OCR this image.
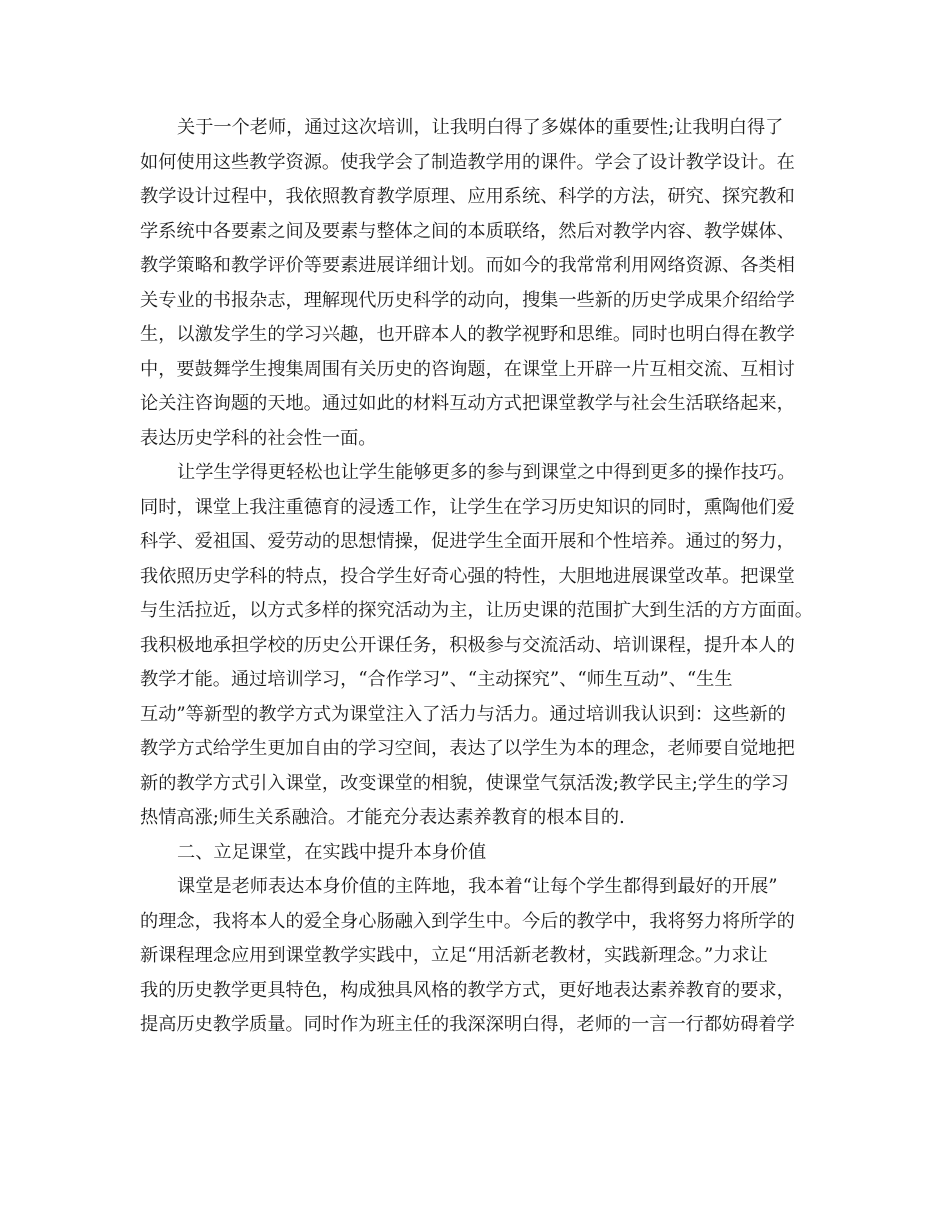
关于一个老师，通过这次培训，让我明白得了多媒体的重要性;让我明白得了
如何使用这些教学资源。使我学会了制造教学用的课件。学会了设计教学设计。在
教学设计过程中，我依照教育教学原理、应用系统、科学的方法，研究、探究教和
学系统中各要素之间及要素与整体之间的本质联络，然后对教学内容、教学媒体、
教学策略和教学评价等要素进展详细计划。而如今的我常常利用网络资源、各类相
关专业的书报杂志，理解现代历史科学的动向，搜集一些新的历史学成果介绍给学
生，以激发学生的学习兴趣，也开辟本人的教学视野和思维。同时也明白得在教学
中，要鼓舞学生搜集周围有关历史的咨询题，在课堂上开辟一片互相交流、互相讨
论关注咨询题的天地。通过如此的材料互动方式把课堂教学与社会生活联络起来，
表达历史学科的社会性一面。
让学生学得更轻松也让学生能够更多的参与到课堂之中得到更多的操作技巧。
同时，课堂上我注重德育的浸透工作，让学生在学习历史知识的同时，熏陶他们爱
科学、爱祖国、爱劳动的思想情操，促进学生全面开展和个性培养。通过的努力，
我依照历史学科的特点，投合学生好奇心强的特性，大胆地进展课堂改革。把课堂
与生活拉近，以方式多样的探究活动为主，让历史课的范围扩大到生活的方方面面。
我积极地承担学校的历史公开课任务，积极参与交流活动、培训课程，提升本人的
教学才能。通过培训学习，“合作学习”、“主动探究”、“师生互动”、“生生
互动”等新型的教学方式为课堂注入了活力与活力。通过培训我认识到：这些新的
教学方式给学生更加自由的学习空间，表达了以学生为本的理念，老师要自觉地把
新的教学方式引入课堂，改变课堂的相貌，使课堂气氛活泼;教学民主;学生的学习
热情高涨;师生关系融洽。才能充分表达素养教育的根本目的.
二、立足课堂，在实践中提升本身价值
课堂是老师表达本身价值的主阵地，我本着“让每个学生都得到最好的开展”
的理念，我将本人的爱全身心肠融入到学生中。今后的教学中，我将努力将所学的
新课程理念应用到课堂教学实践中，立足“用活新老教材，实践新理念。”力求让
我的历史教学更具特色，构成独具风格的教学方式，更好地表达素养教育的要求，
提高历史教学质量。同时作为班主任的我深深明白得，老师的一言一行都妨碍着学
